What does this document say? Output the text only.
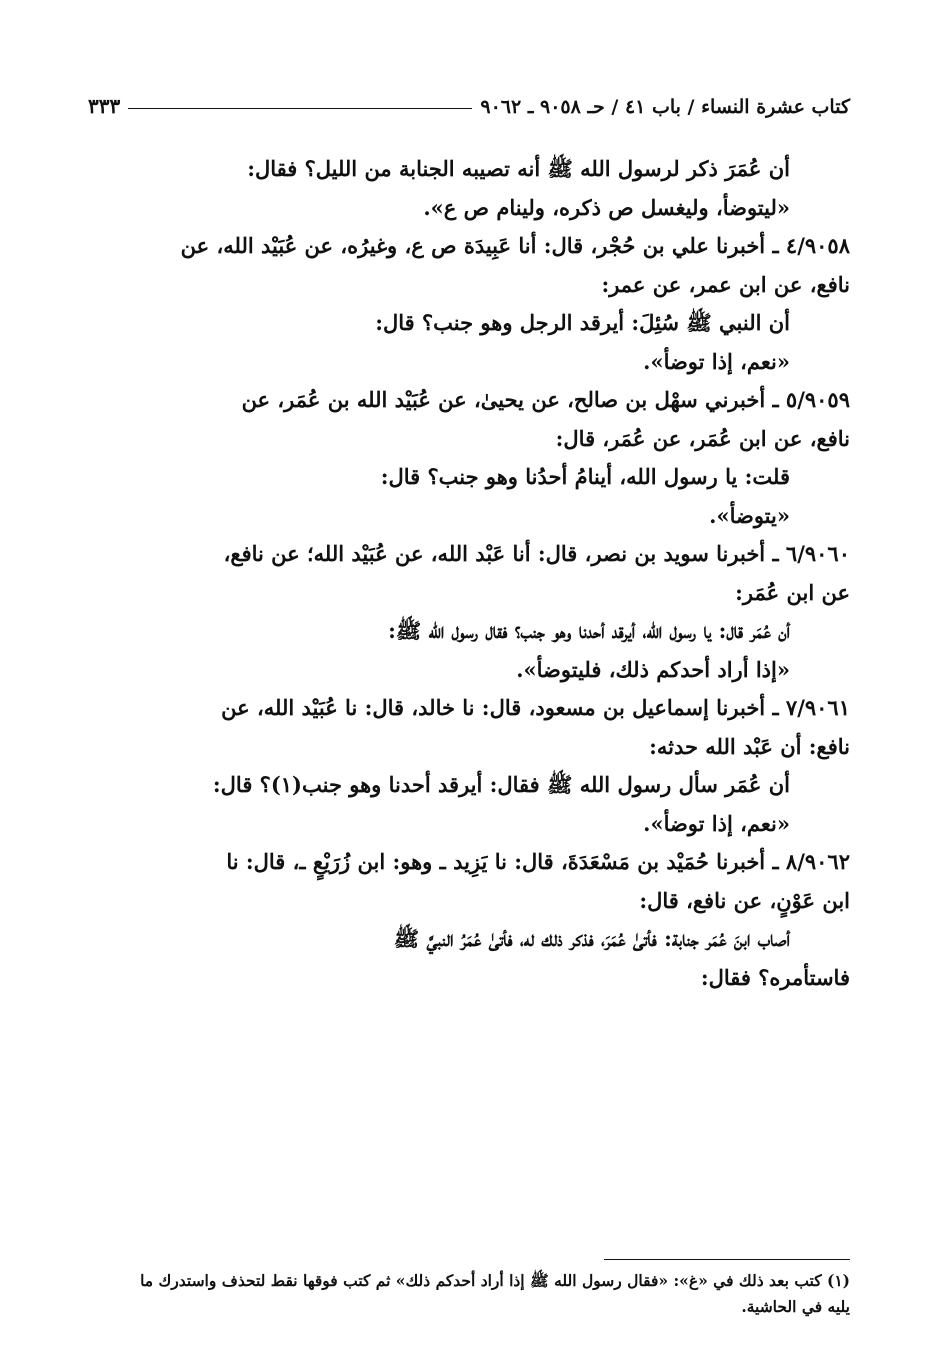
كتاب عشرة النساء / باب ٤١ / حـ ٩٠٥٨ ـ ٩٠٦٢
٣٣٣

أن عُمَرَ ذكر لرسول الله ﷺ أنه تصيبه الجنابة من الليل؟ فقال:

«ليتوضأ، وليغسل ص ذكره، ولينام ص ع».

٤/٩٠٥٨ ـ أخبرنا علي بن حُجْر، قال: أنا عَبِيدَة ص ع، وغيرُه، عن عُبَيْد الله، عن

نافع، عن ابن عمر، عن عمر:

أن النبي ﷺ سُئِلَ: أيرقد الرجل وهو جنب؟ قال:

«نعم، إذا توضأ».

٥/٩٠٥٩ ـ أخبرني سهْل بن صالح، عن يحيىٰ، عن عُبَيْد الله بن عُمَر، عن

نافع، عن ابن عُمَر، عن عُمَر، قال:

قلت: يا رسول الله، أينامُ أحدُنا وهو جنب؟ قال:

«يتوضأ».

٦/٩٠٦٠ ـ أخبرنا سويد بن نصر، قال: أنا عَبْد الله، عن عُبَيْد الله؛ عن نافع،

عن ابن عُمَر:

أن عُمَر قال: يا رسول الله، أيرقد أحدنا وهو جنب؟ فقال رسول الله ﷺ:

«إذا أراد أحدكم ذلك، فليتوضأ».

٧/٩٠٦١ ـ أخبرنا إسماعيل بن مسعود، قال: نا خالد، قال: نا عُبَيْد الله، عن

نافع: أن عَبْد الله حدثه:

أن عُمَر سأل رسول الله ﷺ فقال: أيرقد أحدنا وهو جنب(١)؟ قال:

«نعم، إذا توضأ».

٨/٩٠٦٢ ـ أخبرنا حُمَيْد بن مَسْعَدَةَ، قال: نا يَزِيد ـ وهو: ابن زُرَيْعٍ ـ، قال: نا

ابن عَوْنٍ، عن نافع، قال:

أصاب ابنَ عُمَر جنابة: فأتىٰ عُمَرَ، فذكر ذلك له، فأتىٰ عُمَرُ النبيَّ ﷺ

فاستأمره؟ فقال:

(١) كتب بعد ذلك في «غ»: «فقال رسول الله ﷺ إذا أراد أحدكم ذلك» ثم كتب فوقها نقط لتحذف واستدرك ما

يليه في الحاشية.
